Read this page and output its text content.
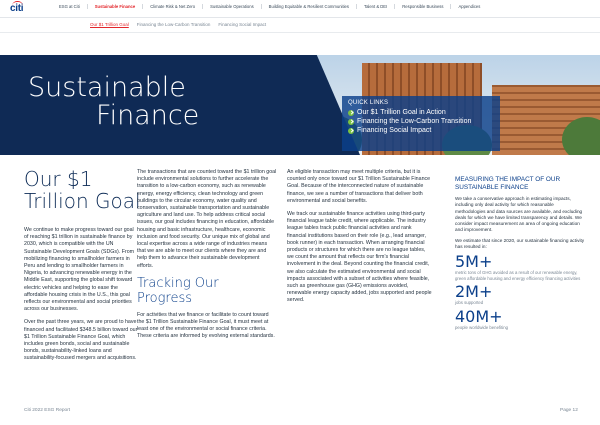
citi	ESG at Citi	Sustainable Finance	Climate Risk & Net Zero	Sustainable Operations	Building Equitable & Resilient Communities	Talent & DEI	Responsible Business	Appendices
Our $1 Trillion Goal Financing the Low-Carbon Transition Financing Social Impact
Sustainable
Finance	QUICK LINKS
Our $1 Trillion Goal in Action
Financing the Low-Carbon Transition
Financing Social Impact
Our $1 Trillion Goal

We continue to make progress toward our goal of reaching $1 trillion in sustainable finance by 2030, which is compatible with the UN Sustainable Development Goals (SDGs). From mobilizing financing to smallholder farmers in Peru and lending to smallholder farmers in Nigeria, to advancing renewable energy in the Middle East, supporting the global shift toward electric vehicles and helping to ease the affordable housing crisis in the U.S., this goal reflects our environmental and social priorities across our businesses.

Over the past three years, we are proud to have financed and facilitated $348.5 billion toward our $1 Trillion Sustainable Finance Goal, which includes green bonds, social and sustainable bonds, sustainability-linked loans and sustainability-focused mergers and acquisitions.

The transactions that are counted toward the $1 trillion goal include environmental solutions to further accelerate the transition to a low-carbon economy, such as renewable energy, energy efficiency, clean technology and green buildings to the circular economy, water quality and conservation, sustainable transportation and sustainable agriculture and land use. To help address critical social issues, our goal includes financing in education, affordable housing and basic infrastructure, healthcare, economic inclusion and food security. Our unique mix of global and local expertise across a wide range of industries means that we are able to meet our clients where they are and help them to advance their sustainable development efforts.

Tracking Our Progress

For activities that we finance or facilitate to count toward the $1 Trillion Sustainable Finance Goal, it must meet at least one of the environmental or social finance criteria. These criteria are informed by evolving external standards.

An eligible transaction may meet multiple criteria, but it is counted only once toward our $1 Trillion Sustainable Finance Goal. Because of the interconnected nature of sustainable finance, we see a number of transactions that deliver both environmental and social benefits.

We track our sustainable finance activities using third-party financial league table credit, where applicable. The industry league tables track public financial activities and rank financial institutions based on their role (e.g., lead arranger, book runner) in each transaction. When arranging financial products or structures for which there are no league tables, we count the amount that reflects our firm's financial involvement in the deal. Beyond counting the financial credit, we also calculate the estimated environmental and social impacts associated with a subset of activities where feasible, such as greenhouse gas (GHG) emissions avoided, renewable energy capacity added, jobs supported and people served.

MEASURING THE IMPACT OF OUR SUSTAINABLE FINANCE
We take a conservative approach in estimating impacts, including only deal activity for which reasonable methodologies and data sources are available, and excluding deals for which we have limited transparency and details. We consider impact measurement an area of ongoing education and improvement.
We estimate that since 2020, our sustainable financing activity has resulted in:
5M+
metric tons of GHG avoided as a result of our renewable energy, green affordable housing and energy efficiency financing activities
2M+
jobs supported
40M+
people worldwide benefiting
Citi 2022 ESG Report	Page 12
